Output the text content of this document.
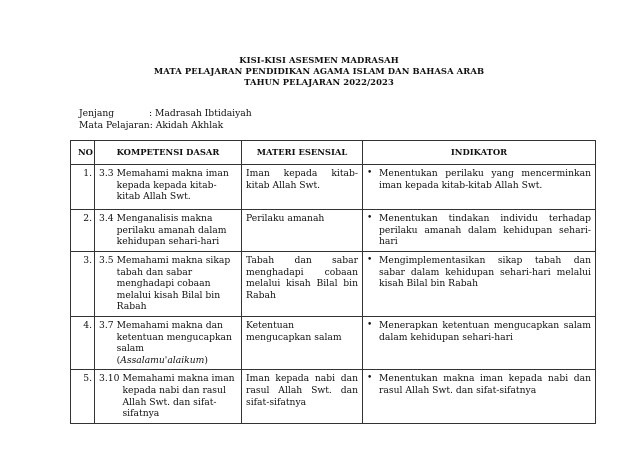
KISI-KISI ASESMEN MADRASAH
MATA PELAJARAN PENDIDIKAN AGAMA ISLAM DAN BAHASA ARAB
TAHUN PELAJARAN 2022/2023
Jenjang	: Madrasah Ibtidaiyah
Mata Pelajaran : Akidah Akhlak
NO	KOMPETENSI DASAR	MATERI ESENSIAL	INDIKATOR
1.	3.3 Memahami makna iman kepada kepada kitab-kitab Allah Swt.	Iman kepada kitab-kitab Allah Swt.	• Menentukan perilaku yang mencerminkan iman kepada kitab-kitab Allah Swt.

2.	3.4 Menganalisis makna perilaku amanah dalam kehidupan sehari-hari	Perilaku amanah	• Menentukan tindakan individu terhadap perilaku amanah dalam kehidupan sehari-hari

3.	3.5 Memahami makna sikap tabah dan sabar menghadapi cobaan melalui kisah Bilal bin Rabah	Tabah dan sabar menghadapi cobaan melalui kisah Bilal bin Rabah	• Mengimplementasikan sikap tabah dan sabar dalam kehidupan sehari-hari melalui kisah Bilal bin Rabah

4.	3.7 Memahami makna dan ketentuan mengucapkan salam (Assalamu'alaikum)	Ketentuan mengucapkan salam	• Menerapkan ketentuan mengucapkan salam dalam kehidupan sehari-hari

5.	3.10 Memahami makna iman kepada nabi dan rasul Allah Swt. dan sifat-sifatnya	Iman kepada nabi dan rasul Allah Swt. dan sifat-sifatnya	• Menentukan makna iman kepada nabi dan rasul Allah Swt. dan sifat-sifatnya
